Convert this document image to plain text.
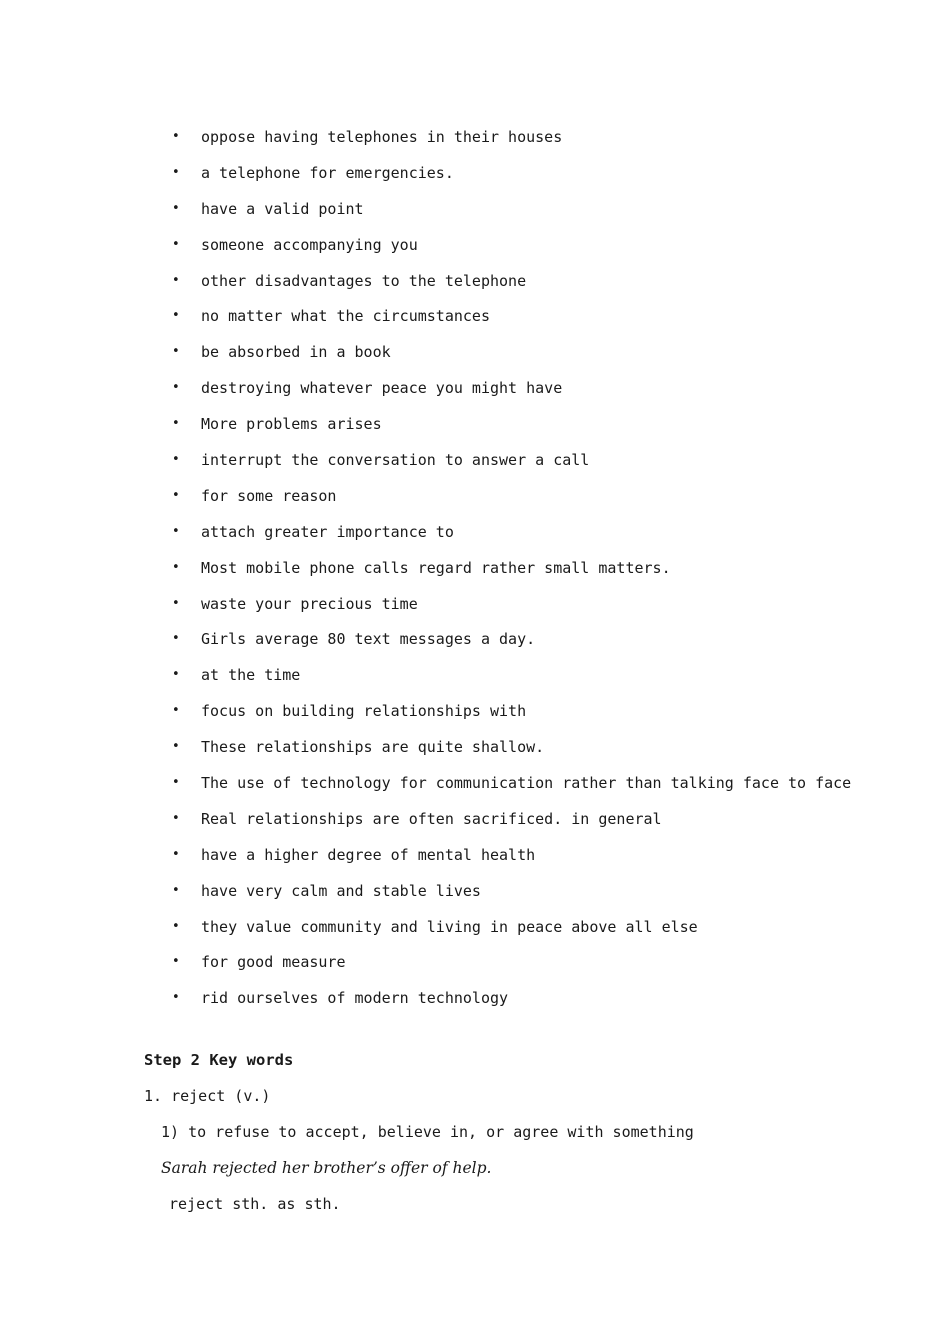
• oppose having telephones in their houses
• a telephone for emergencies.
• have a valid point
• someone accompanying you
• other disadvantages to the telephone
• no matter what the circumstances
• be absorbed in a book
• destroying whatever peace you might have
• More problems arises
• interrupt the conversation to answer a call
• for some reason
• attach greater importance to
• Most mobile phone calls regard rather small matters.
• waste your precious time
• Girls average 80 text messages a day.
• at the time
• focus on building relationships with
• These relationships are quite shallow.
• The use of technology for communication rather than talking face to face
• Real relationships are often sacrificed. in general
• have a higher degree of mental health
• have very calm and stable lives
• they value community and living in peace above all else
• for good measure
• rid ourselves of modern technology
Step 2 Key words
1. reject (v.)
1) to refuse to accept, believe in, or agree with something
Sarah rejected her brother’s offer of help.
reject sth. as sth.
